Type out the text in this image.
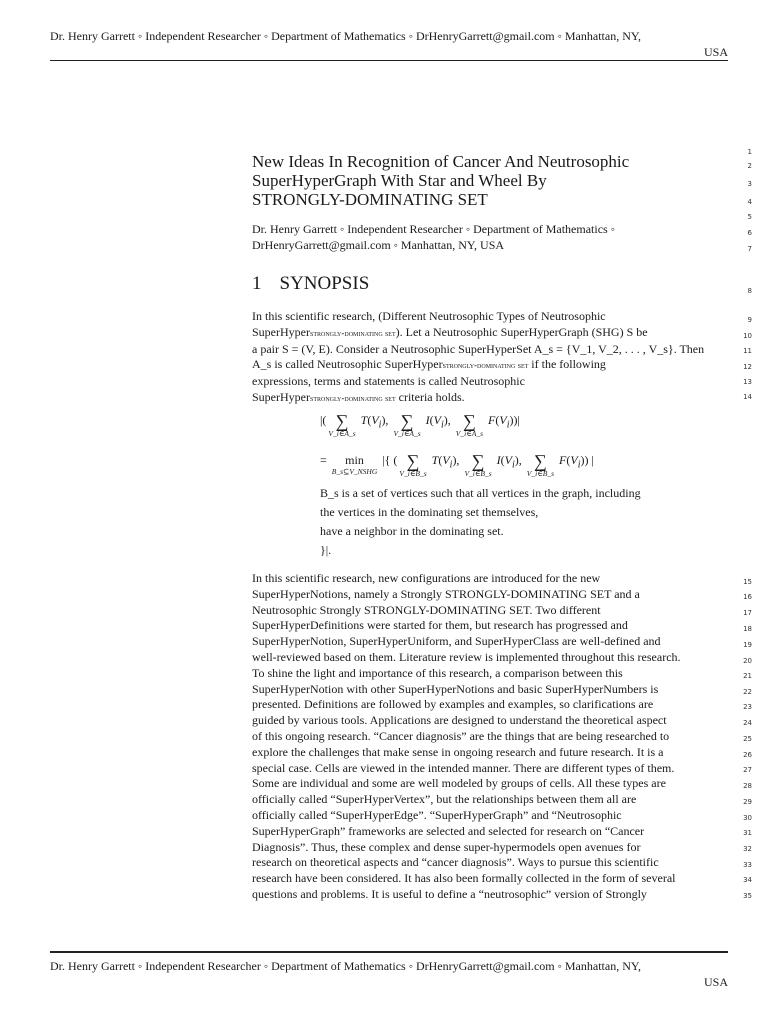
Dr. Henry Garrett ◦ Independent Researcher ◦ Department of Mathematics ◦ DrHenryGarrett@gmail.com ◦ Manhattan, NY,
USA
New Ideas In Recognition of Cancer And Neutrosophic
SuperHyperGraph With Star and Wheel By
STRONGLY-DOMINATING SET
Dr. Henry Garrett ◦ Independent Researcher ◦ Department of Mathematics ◦
DrHenryGarrett@gmail.com ◦ Manhattan, NY, USA
1 SYNOPSIS
In this scientific research, (Different Neutrosophic Types of Neutrosophic
SuperHyperstrongly-dominating set). Let a Neutrosophic SuperHyperGraph (SHG) S be
a pair S = (V, E). Consider a Neutrosophic SuperHyperSet A_s = {V_1, V_2, . . . , V_s}. Then
A_s is called Neutrosophic SuperHyperstrongly-dominating set if the following
expressions, terms and statements is called Neutrosophic
SuperHyperstrongly-dominating set criteria holds.
|( ∑
V_i∈A_s
$T(V_i)$, ∑
V_i∈A_s
$I(V_i)$, ∑
V_i∈A_s
$F(V_i))|$
=	min
B_s⊆V_NSHG
|{ ( ∑
V_i∈B_s
$T(V_i)$, ∑
V_i∈B_s
$I(V_i)$, ∑
V_i∈B_s
$F(V_i)$) |
B_s is a set of vertices such that all vertices in the graph, including
the vertices in the dominating set themselves,
have a neighbor in the dominating set.
}|.
In this scientific research, new configurations are introduced for the new
SuperHyperNotions, namely a Strongly STRONGLY-DOMINATING SET and a
Neutrosophic Strongly STRONGLY-DOMINATING SET. Two different
SuperHyperDefinitions were started for them, but research has progressed and
SuperHyperNotion, SuperHyperUniform, and SuperHyperClass are well-defined and
well-reviewed based on them. Literature review is implemented throughout this research.
To shine the light and importance of this research, a comparison between this
SuperHyperNotion with other SuperHyperNotions and basic SuperHyperNumbers is
presented. Definitions are followed by examples and examples, so clarifications are
guided by various tools. Applications are designed to understand the theoretical aspect
of this ongoing research. “Cancer diagnosis” are the things that are being researched to
explore the challenges that make sense in ongoing research and future research. It is a
special case. Cells are viewed in the intended manner. There are different types of them.
Some are individual and some are well modeled by groups of cells. All these types are
officially called “SuperHyperVertex”, but the relationships between them all are
officially called “SuperHyperEdge”. “SuperHyperGraph” and “Neutrosophic
SuperHyperGraph” frameworks are selected and selected for research on “Cancer
Diagnosis”. Thus, these complex and dense super-hypermodels open avenues for
research on theoretical aspects and “cancer diagnosis”. Ways to pursue this scientific
research have been considered. It has also been formally collected in the form of several
questions and problems. It is useful to define a “neutrosophic” version of Strongly
1
2
3
4
5
6
7
8
9
10
11
12
13
14
15
16
17
18
19
20
21
22
23
24
25
26
27
28
29
30
31
32
33
34
35
Dr. Henry Garrett ◦ Independent Researcher ◦ Department of Mathematics ◦ DrHenryGarrett@gmail.com ◦ Manhattan, NY,
USA
